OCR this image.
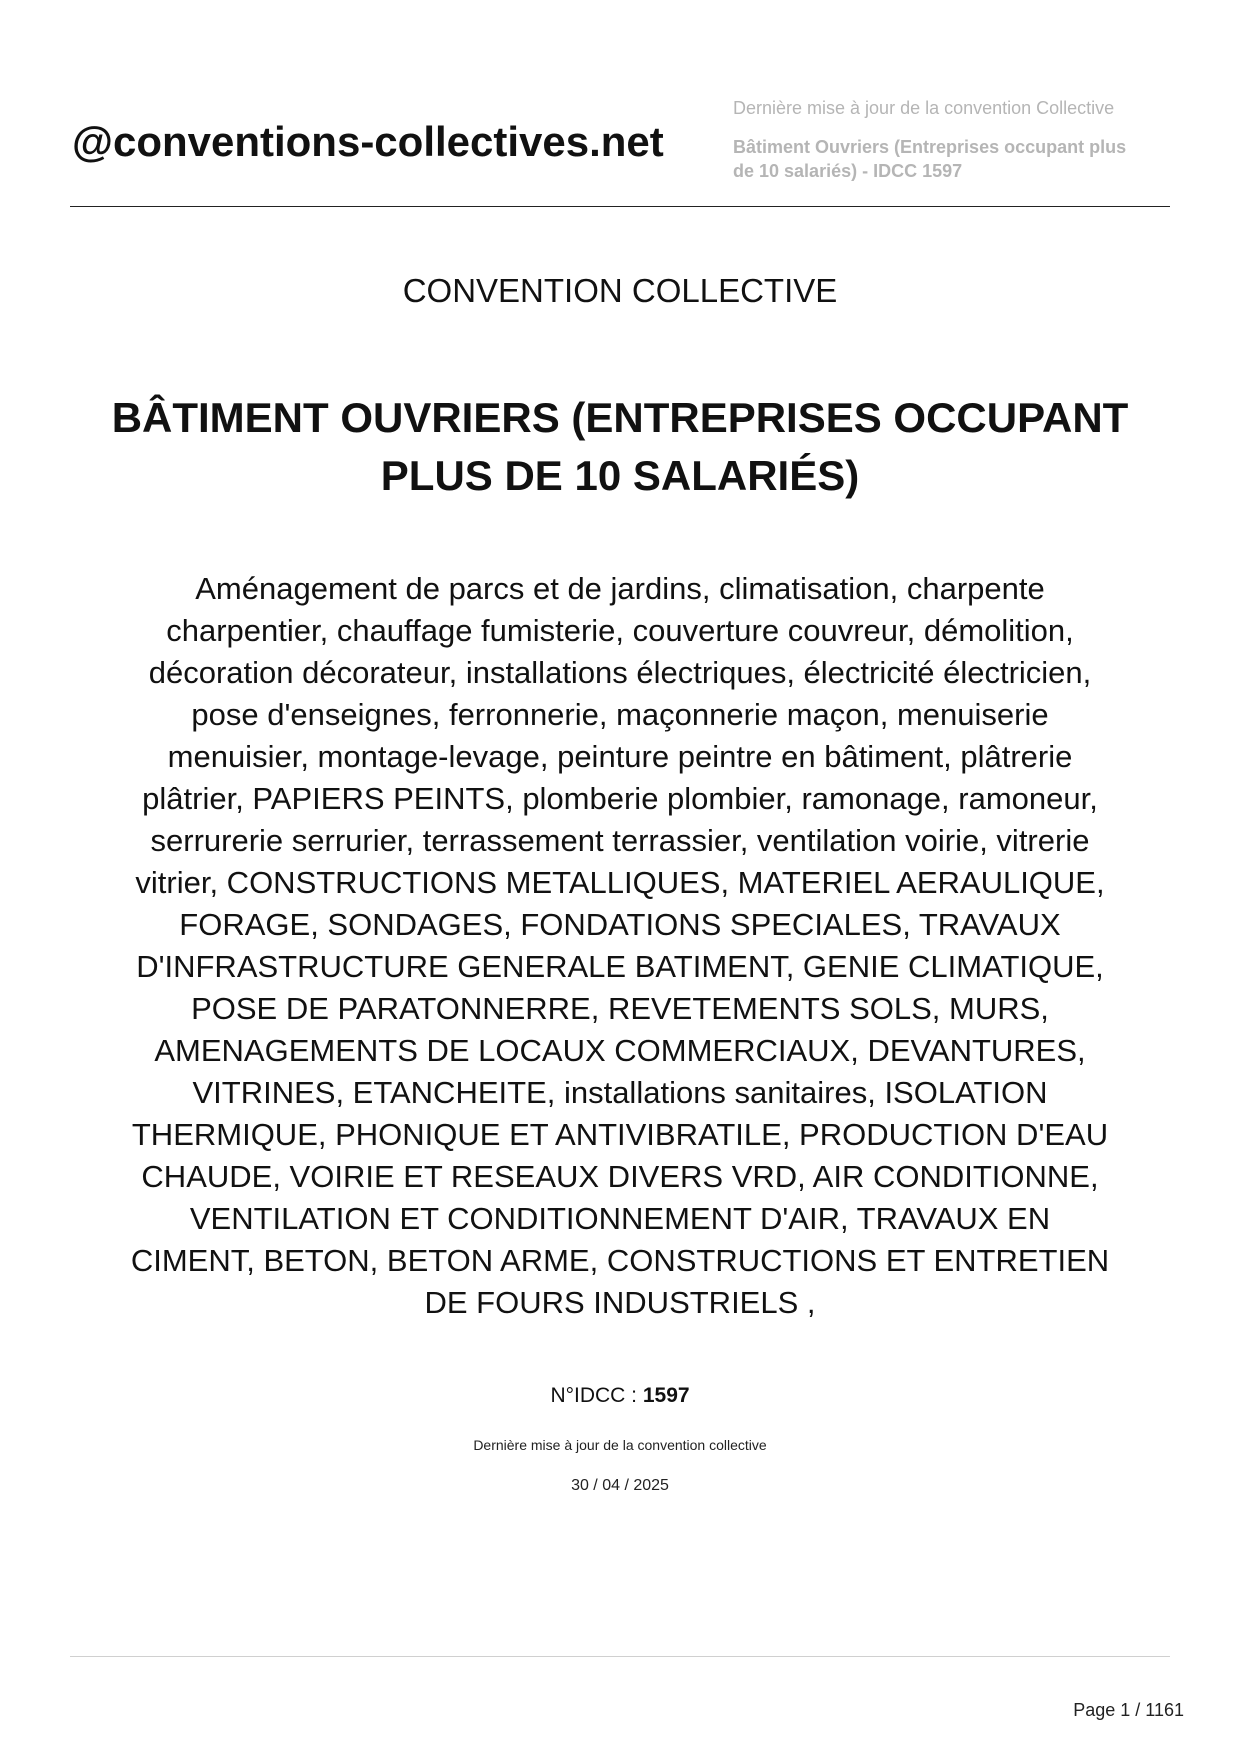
@conventions-collectives.net
Dernière mise à jour de la convention Collective
Bâtiment Ouvriers (Entreprises occupant plus
de 10 salariés) - IDCC 1597
CONVENTION COLLECTIVE
BÂTIMENT OUVRIERS (ENTREPRISES OCCUPANT
PLUS DE 10 SALARIÉS)
Aménagement de parcs et de jardins, climatisation, charpente
charpentier, chauffage fumisterie, couverture couvreur, démolition,
décoration décorateur, installations électriques, électricité électricien,
pose d'enseignes, ferronnerie, maçonnerie maçon, menuiserie
menuisier, montage-levage, peinture peintre en bâtiment, plâtrerie
plâtrier, PAPIERS PEINTS, plomberie plombier, ramonage, ramoneur,
serrurerie serrurier, terrassement terrassier, ventilation voirie, vitrerie
vitrier, CONSTRUCTIONS METALLIQUES, MATERIEL AERAULIQUE,
FORAGE, SONDAGES, FONDATIONS SPECIALES, TRAVAUX
D'INFRASTRUCTURE GENERALE BATIMENT, GENIE CLIMATIQUE,
POSE DE PARATONNERRE, REVETEMENTS SOLS, MURS,
AMENAGEMENTS DE LOCAUX COMMERCIAUX, DEVANTURES,
VITRINES, ETANCHEITE, installations sanitaires, ISOLATION
THERMIQUE, PHONIQUE ET ANTIVIBRATILE, PRODUCTION D'EAU
CHAUDE, VOIRIE ET RESEAUX DIVERS VRD, AIR CONDITIONNE,
VENTILATION ET CONDITIONNEMENT D'AIR, TRAVAUX EN
CIMENT, BETON, BETON ARME, CONSTRUCTIONS ET ENTRETIEN
DE FOURS INDUSTRIELS ,
N°IDCC : 1597
Dernière mise à jour de la convention collective
30 / 04 / 2025
Page 1 / 1161
